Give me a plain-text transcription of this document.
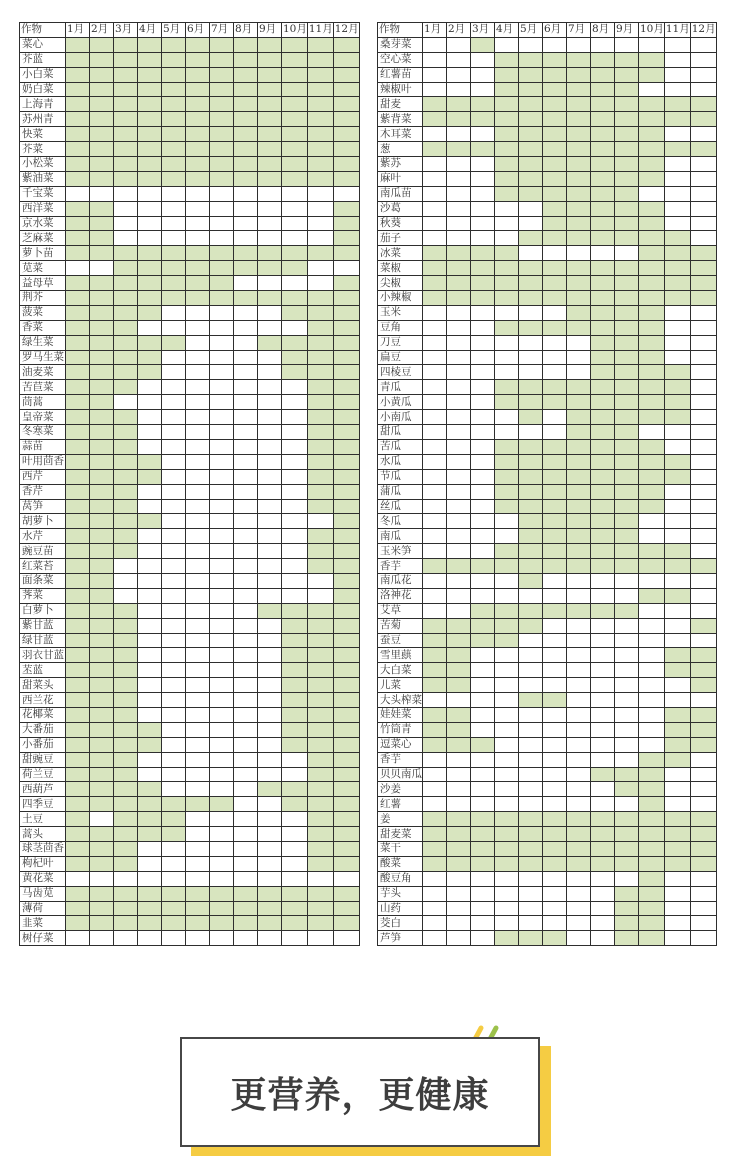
作物	1月	2月	3月	4月	5月	6月	7月	8月	9月	10月	11月	12月
菜心												
芥蓝												
小白菜												
奶白菜												
上海青												
苏州青												
快菜												
芥菜												
小松菜												
紫油菜												
千宝菜												
西洋菜												
京水菜												
芝麻菜												
萝卜苗												
苋菜												
益母草												
荆芥												
菠菜												
香菜												
绿生菜												
罗马生菜												
油麦菜												
苦苣菜												
茼蒿												
皇帝菜												
冬寒菜												
蒜苗												
叶用茴香												
西芹												
香芹												
莴笋												
胡萝卜												
水芹												
豌豆苗												
红菜苔												
面条菜												
荠菜												
白萝卜												
紫甘蓝												
绿甘蓝												
羽衣甘蓝												
苤蓝												
甜菜头												
西兰花												
花椰菜												
大番茄												
小番茄												
甜豌豆												
荷兰豆												
西葫芦												
四季豆												
土豆												
蒿头												
球茎茴香												
枸杞叶												
黄花菜												
马齿苋												
薄荷												
韭菜												
树仔菜												
作物	1月	2月	3月	4月	5月	6月	7月	8月	9月	10月	11月	12月
桑芽菜												
空心菜												
红薯苗												
辣椒叶												
甜麦												
紫背菜												
木耳菜												
葱												
紫苏												
麻叶												
南瓜苗												
沙葛												
秋葵												
茄子												
冰菜												
菜椒												
尖椒												
小辣椒												
玉米												
豆角												
刀豆												
扁豆												
四棱豆												
青瓜												
小黄瓜												
小南瓜												
甜瓜												
苦瓜												
水瓜												
节瓜												
蒲瓜												
丝瓜												
冬瓜												
南瓜												
玉米笋												
香芋												
南瓜花												
洛神花												
艾草												
苦菊												
蚕豆												
雪里蕻												
大白菜												
儿菜												
大头榨菜												
娃娃菜												
竹筒青												
逗菜心												
香芋												
贝贝南瓜												
沙姜												
红薯												
姜												
甜麦菜												
菜干												
酸菜												
酸豆角												
芋头												
山药												
茭白												
芦笋												
更营养，更健康
